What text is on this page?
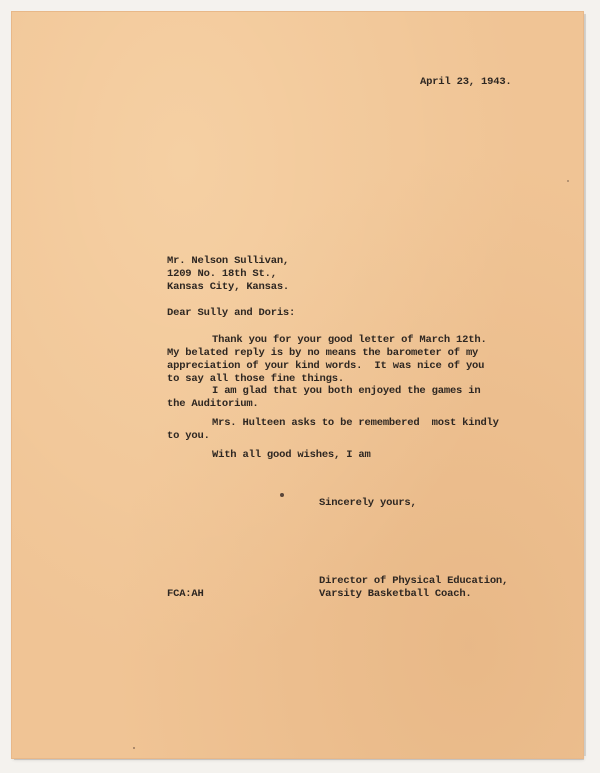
April 23, 1943.

Mr. Nelson Sullivan,

1209 No. 18th St.,

Kansas City, Kansas.

Dear Sully and Doris:

Thank you for your good letter of March 12th.

My belated reply is by no means the barometer of my

appreciation of your kind words.  It was nice of you

to say all those fine things.

I am glad that you both enjoyed the games in

the Auditorium.

Mrs. Hulteen asks to be remembered  most kindly

to you.

With all good wishes, I am

Sincerely yours,

Director of Physical Education,

Varsity Basketball Coach.

FCA:AH
